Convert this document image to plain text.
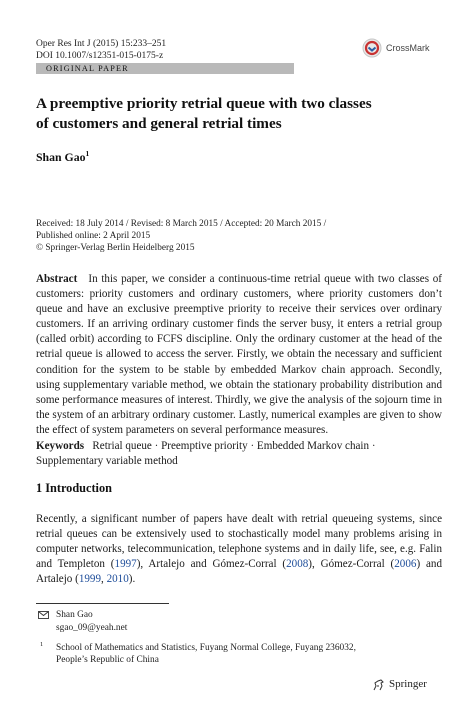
Oper Res Int J (2015) 15:233–251
DOI 10.1007/s12351-015-0175-z
CrossMark
ORIGINAL PAPER
A preemptive priority retrial queue with two classes
of customers and general retrial times
Shan Gao$^1$
Received: 18 July 2014 / Revised: 8 March 2015 / Accepted: 20 March 2015 /
Published online: 2 April 2015
© Springer-Verlag Berlin Heidelberg 2015
Abstract In this paper, we consider a continuous-time retrial queue with two classes of customers: priority customers and ordinary customers, where priority customers don’t queue and have an exclusive preemptive priority to receive their services over ordinary customers. If an arriving ordinary customer finds the server busy, it enters a retrial group (called orbit) according to FCFS discipline. Only the ordinary customer at the head of the retrial queue is allowed to access the server. Firstly, we obtain the necessary and sufficient condition for the system to be stable by embedded Markov chain approach. Secondly, using supplementary variable method, we obtain the stationary probability distribution and some performance measures of interest. Thirdly, we give the analysis of the sojourn time in the system of an arbitrary ordinary customer. Lastly, numerical examples are given to show the effect of system parameters on several performance measures.
Keywords Retrial queue · Preemptive priority · Embedded Markov chain · Supplementary variable method
1 Introduction
Recently, a significant number of papers have dealt with retrial queueing systems, since retrial queues can be extensively used to stochastically model many problems arising in computer networks, telecommunication, telephone systems and in daily life, see, e.g. Falin and Templeton (1997), Artalejo and Gómez-Corral (2008), Gómez-Corral (2006) and Artalejo (1999, 2010).
Shan Gao
sgao_09@yeah.net
1 School of Mathematics and Statistics, Fuyang Normal College, Fuyang 236032,
People’s Republic of China
Springer
